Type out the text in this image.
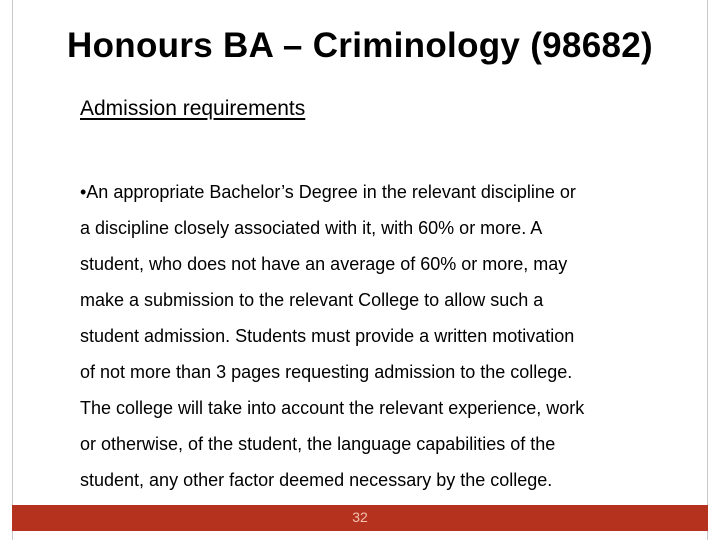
Honours BA – Criminology (98682)
Admission requirements
•An appropriate Bachelor’s Degree in the relevant discipline or
a discipline closely associated with it, with 60% or more. A
student, who does not have an average of 60% or more, may
make a submission to the relevant College to allow such a
student admission. Students must provide a written motivation
of not more than 3 pages requesting admission to the college.
The college will take into account the relevant experience, work
or otherwise, of the student, the language capabilities of the
student, any other factor deemed necessary by the college.
32
